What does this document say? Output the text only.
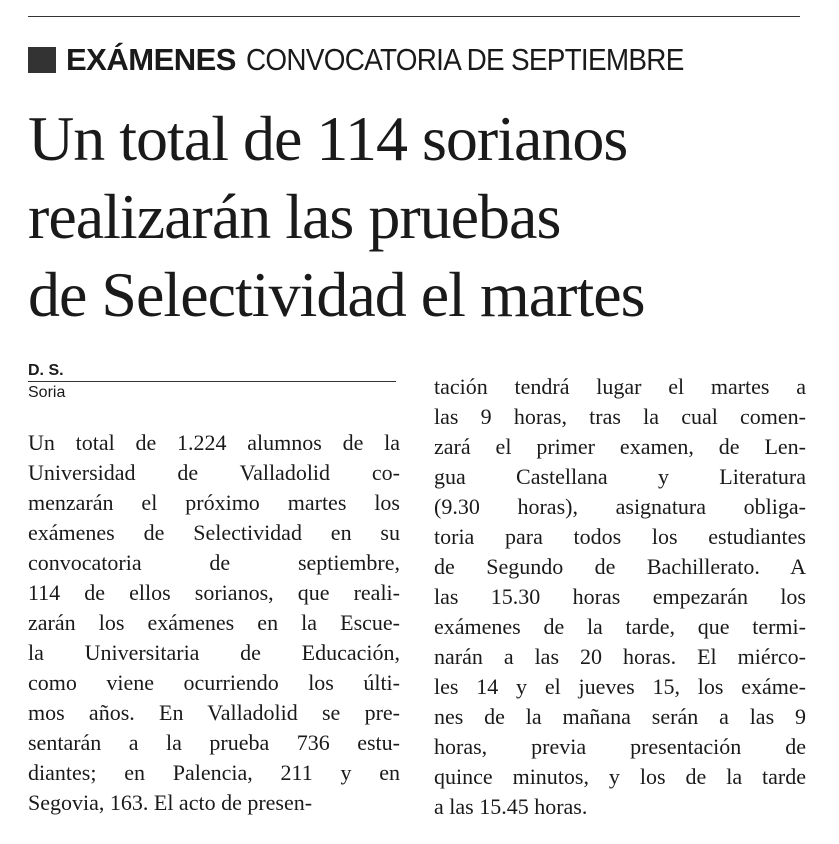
EXÁMENES CONVOCATORIA DE SEPTIEMBRE
Un total de 114 sorianos
realizarán las pruebas
de Selectividad el martes
D. S.
Soria
Un total de 1.224 alumnos de la
Universidad de Valladolid co-
menzarán el próximo martes los
exámenes de Selectividad en su
convocatoria de septiembre,
114 de ellos sorianos, que reali-
zarán los exámenes en la Escue-
la Universitaria de Educación,
como viene ocurriendo los últi-
mos años. En Valladolid se pre-
sentarán a la prueba 736 estu-
diantes; en Palencia, 211 y en
Segovia, 163. El acto de presen-
tación tendrá lugar el martes a
las 9 horas, tras la cual comen-
zará el primer examen, de Len-
gua Castellana y Literatura
(9.30 horas), asignatura obliga-
toria para todos los estudiantes
de Segundo de Bachillerato. A
las 15.30 horas empezarán los
exámenes de la tarde, que termi-
narán a las 20 horas. El miérco-
les 14 y el jueves 15, los exáme-
nes de la mañana serán a las 9
horas, previa presentación de
quince minutos, y los de la tarde
a las 15.45 horas.
